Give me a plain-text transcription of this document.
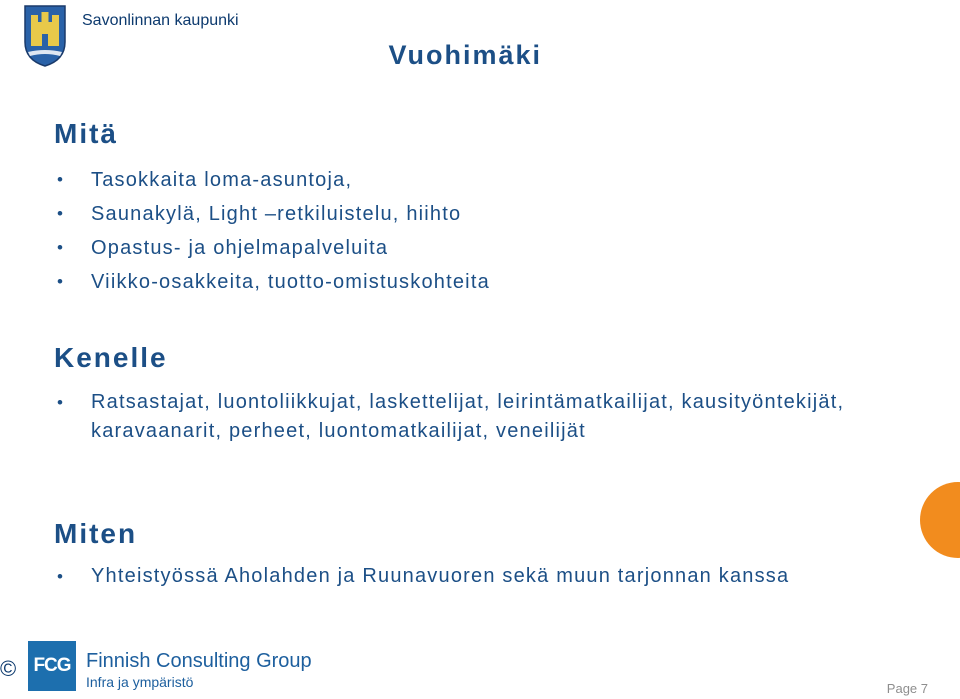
Savonlinnan kaupunki
Vuohimäki
Mitä
• Tasokkaita loma-asuntoja,
• Saunakylä, Light –retkiluistelu, hiihto
• Opastus- ja ohjelmapalveluita
• Viikko-osakkeita, tuotto-omistuskohteita
Kenelle
• Ratsastajat, luontoliikkujat, laskettelijat, leirintämatkailijat, kausityöntekijät, karavaanarit, perheet, luontomatkailijat, veneilijät
Miten
• Yhteistyössä Aholahden ja Ruunavuoren sekä muun tarjonnan kanssa
© FCG Finnish Consulting Group
Infra ja ympäristö	Page 7
